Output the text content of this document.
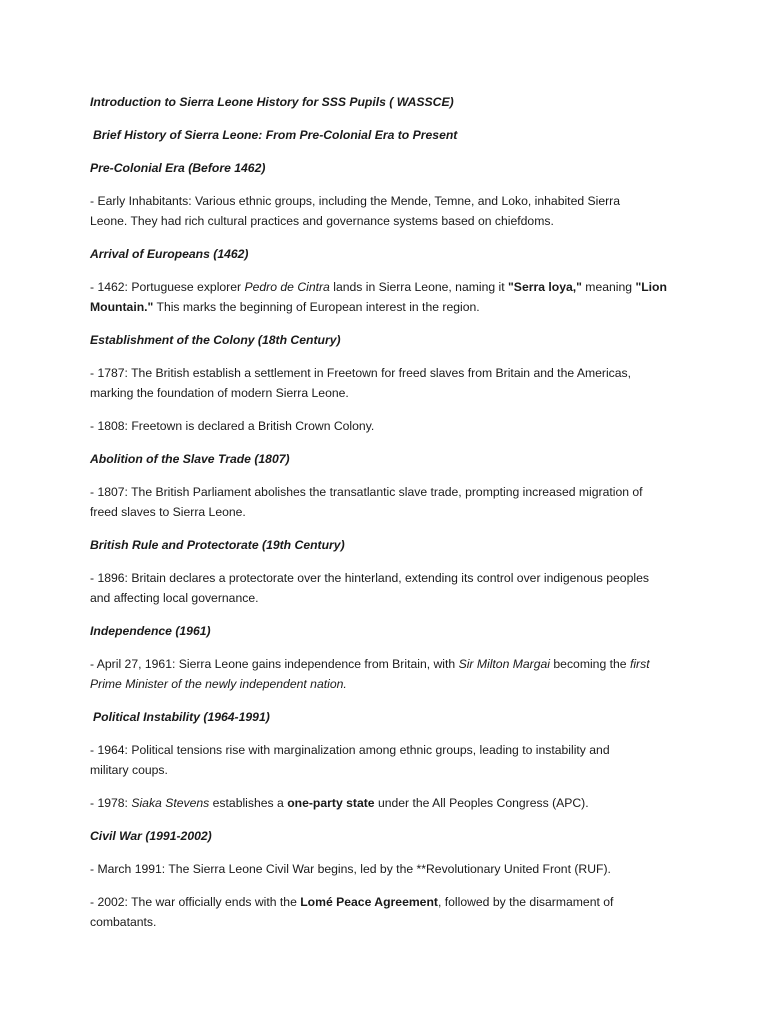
Introduction to Sierra Leone History for SSS Pupils ( WASSCE)

Brief History of Sierra Leone: From Pre-Colonial Era to Present

Pre-Colonial Era (Before 1462)

- Early Inhabitants: Various ethnic groups, including the Mende, Temne, and Loko, inhabited Sierra

Leone. They had rich cultural practices and governance systems based on chiefdoms.

Arrival of Europeans (1462)

- 1462: Portuguese explorer Pedro de Cintra lands in Sierra Leone, naming it "Serra loya," meaning "Lion

Mountain." This marks the beginning of European interest in the region.

Establishment of the Colony (18th Century)

- 1787: The British establish a settlement in Freetown for freed slaves from Britain and the Americas,

marking the foundation of modern Sierra Leone.

- 1808: Freetown is declared a British Crown Colony.

Abolition of the Slave Trade (1807)

- 1807: The British Parliament abolishes the transatlantic slave trade, prompting increased migration of

freed slaves to Sierra Leone.

British Rule and Protectorate (19th Century)

- 1896: Britain declares a protectorate over the hinterland, extending its control over indigenous peoples

and affecting local governance.

Independence (1961)

- April 27, 1961: Sierra Leone gains independence from Britain, with Sir Milton Margai becoming the first

Prime Minister of the newly independent nation.

Political Instability (1964-1991)

- 1964: Political tensions rise with marginalization among ethnic groups, leading to instability and

military coups.

- 1978: Siaka Stevens establishes a one-party state under the All Peoples Congress (APC).

Civil War (1991-2002)

- March 1991: The Sierra Leone Civil War begins, led by the **Revolutionary United Front (RUF).

- 2002: The war officially ends with the Lomé Peace Agreement, followed by the disarmament of

combatants.
